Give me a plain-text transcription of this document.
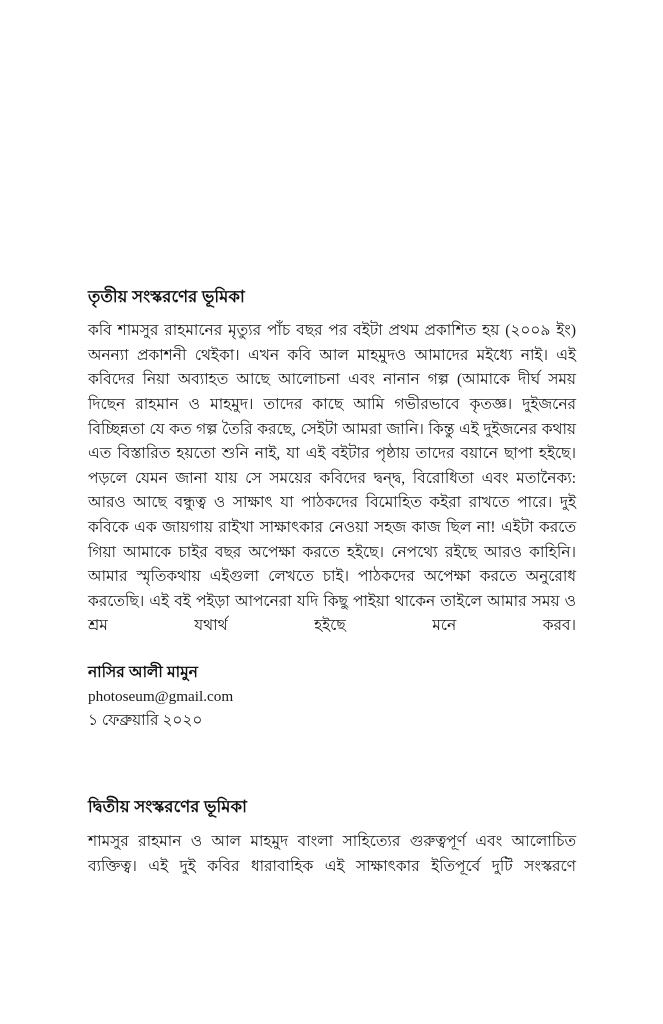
তৃতীয় সংস্করণের ভূমিকা

কবি শামসুর রাহমানের মৃত্যুর পাঁচ বছর পর বইটা প্রথম প্রকাশিত হয় (২০০৯ ইং) অনন্যা প্রকাশনী থেইকা। এখন কবি আল মাহমুদও আমাদের মইধ্যে নাই। এই কবিদের নিয়া অব্যাহত আছে আলোচনা এবং নানান গল্প (আমাকে দীর্ঘ সময় দিছেন রাহমান ও মাহমুদ। তাদের কাছে আমি গভীরভাবে কৃতজ্ঞ। দুইজনের বিচ্ছিন্নতা যে কত গল্প তৈরি করছে, সেইটা আমরা জানি। কিন্তু এই দুইজনের কথায় এত বিস্তারিত হয়তো শুনি নাই, যা এই বইটার পৃষ্ঠায় তাদের বয়ানে ছাপা হইছে। পড়লে যেমন জানা যায় সে সময়ের কবিদের দ্বন্দ্ব, বিরোধিতা এবং মতানৈক্য: আরও আছে বন্ধুত্ব ও সাক্ষাৎ যা পাঠকদের বিমোহিত কইরা রাখতে পারে। দুই কবিকে এক জায়গায় রাইখা সাক্ষাৎকার নেওয়া সহজ কাজ ছিল না! এইটা করতে গিয়া আমাকে চাইর বছর অপেক্ষা করতে হইছে। নেপথ্যে রইছে আরও কাহিনি। আমার স্মৃতিকথায় এইগুলা লেখতে চাই। পাঠকদের অপেক্ষা করতে অনুরোধ করতেছি। এই বই পইড়া আপনেরা যদি কিছু পাইয়া থাকেন তাইলে আমার সময় ও শ্রম যথার্থ হইছে মনে করব।

নাসির আলী মামুন

photoseum@gmail.com

১ ফেব্রুয়ারি ২০২০

দ্বিতীয় সংস্করণের ভূমিকা

শামসুর রাহমান ও আল মাহমুদ বাংলা সাহিত্যের গুরুত্বপূর্ণ এবং আলোচিত ব্যক্তিত্ব। এই দুই কবির ধারাবাহিক এই সাক্ষাৎকার ইতিপূর্বে দুটি সংস্করণে
